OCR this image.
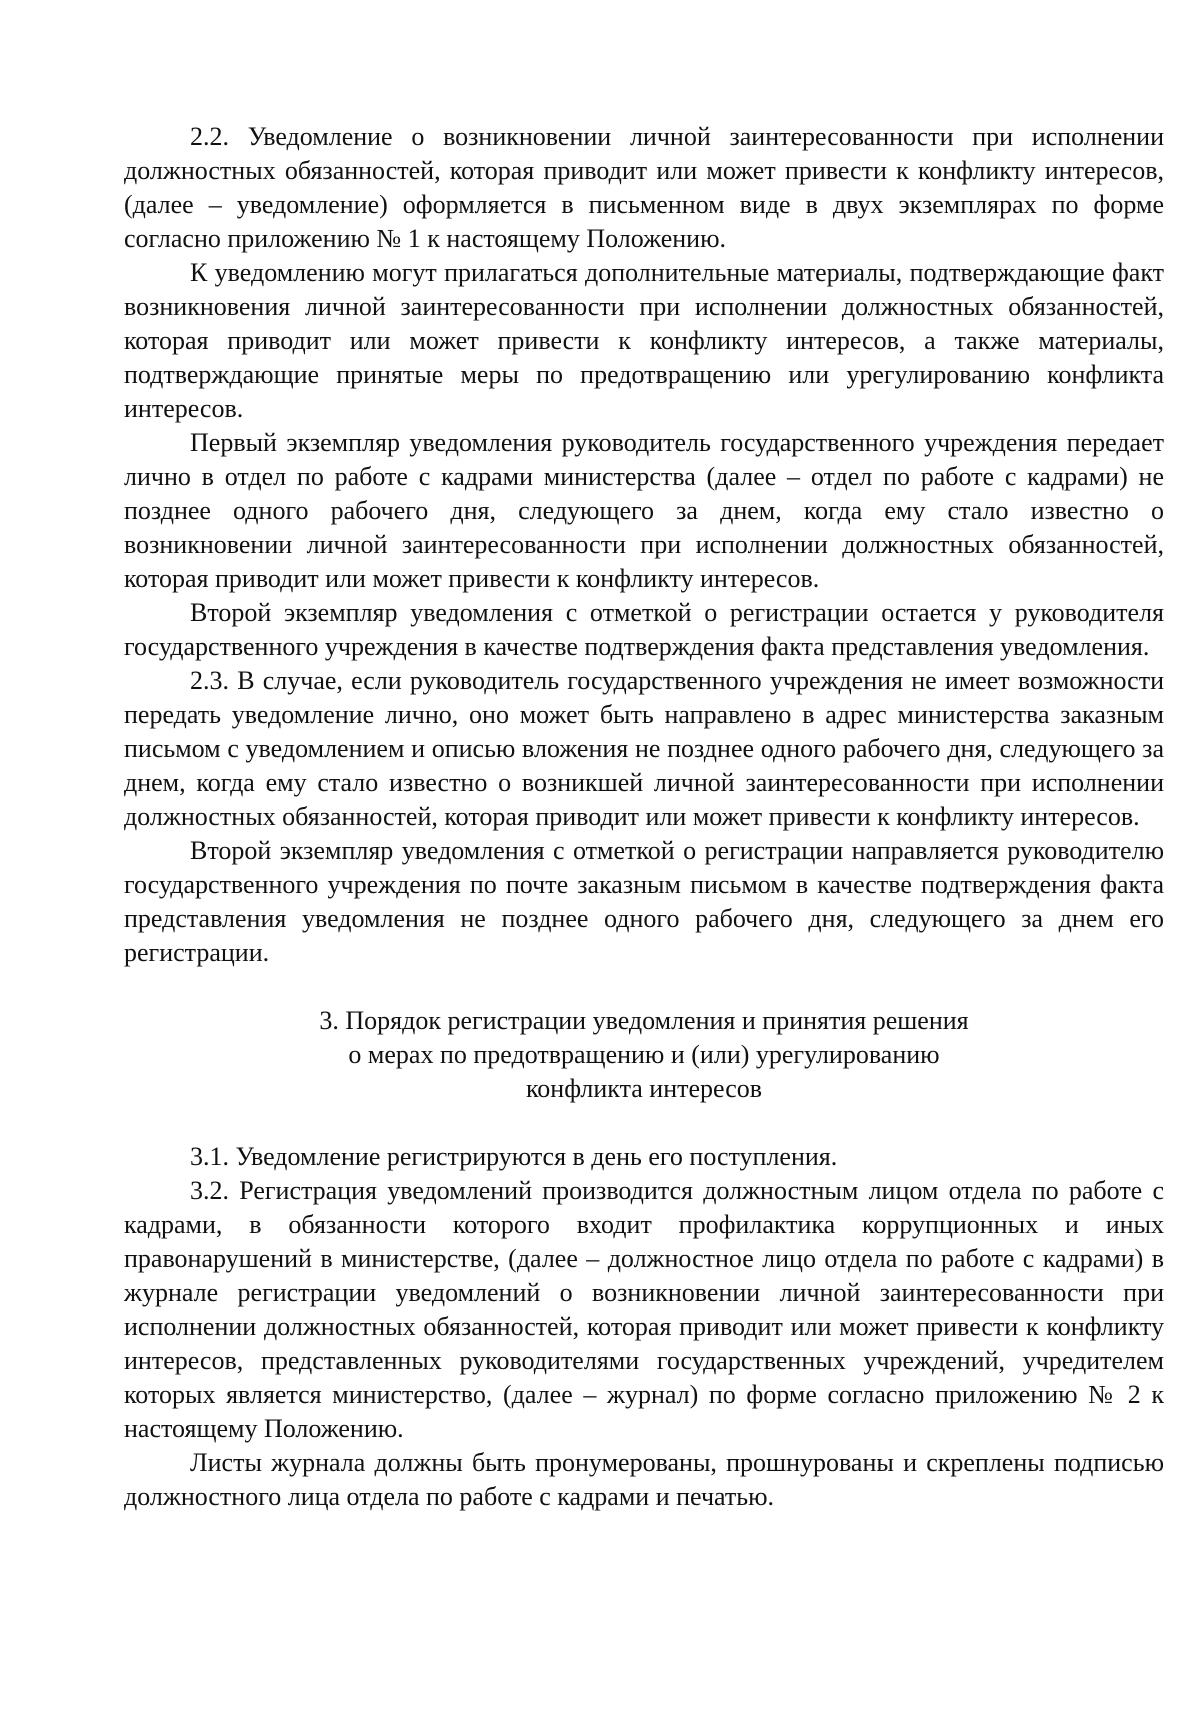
2.2. Уведомление о возникновении личной заинтересованности при исполнении должностных обязанностей, которая приводит или может привести к конфликту интересов, (далее – уведомление) оформляется в письменном виде в двух экземплярах по форме согласно приложению № 1 к настоящему Положению.

К уведомлению могут прилагаться дополнительные материалы, подтверждающие факт возникновения личной заинтересованности при исполнении должностных обязанностей, которая приводит или может привести к конфликту интересов, а также материалы, подтверждающие принятые меры по предотвращению или урегулированию конфликта интересов.

Первый экземпляр уведомления руководитель государственного учреждения передает лично в отдел по работе с кадрами министерства (далее – отдел по работе с кадрами) не позднее одного рабочего дня, следующего за днем, когда ему стало известно о возникновении личной заинтересованности при исполнении должностных обязанностей, которая приводит или может привести к конфликту интересов.

Второй экземпляр уведомления с отметкой о регистрации остается у руководителя государственного учреждения в качестве подтверждения факта представления уведомления.

2.3. В случае, если руководитель государственного учреждения не имеет возможности передать уведомление лично, оно может быть направлено в адрес министерства заказным письмом с уведомлением и описью вложения не позднее одного рабочего дня, следующего за днем, когда ему стало известно о возникшей личной заинтересованности при исполнении должностных обязанностей, которая приводит или может привести к конфликту интересов.

Второй экземпляр уведомления с отметкой о регистрации направляется руководителю государственного учреждения по почте заказным письмом в качестве подтверждения факта представления уведомления не позднее одного рабочего дня, следующего за днем его регистрации.

3. Порядок регистрации уведомления и принятия решения
о мерах по предотвращению и (или) урегулированию
конфликта интересов

3.1. Уведомление регистрируются в день его поступления.

3.2. Регистрация уведомлений производится должностным лицом отдела по работе с кадрами, в обязанности которого входит профилактика коррупционных и иных правонарушений в министерстве, (далее – должностное лицо отдела по работе с кадрами) в журнале регистрации уведомлений о возникновении личной заинтересованности при исполнении должностных обязанностей, которая приводит или может привести к конфликту интересов, представленных руководителями государственных учреждений, учредителем которых является министерство, (далее – журнал) по форме согласно приложению № 2 к настоящему Положению.

Листы журнала должны быть пронумерованы, прошнурованы и скреплены подписью должностного лица отдела по работе с кадрами и печатью.
